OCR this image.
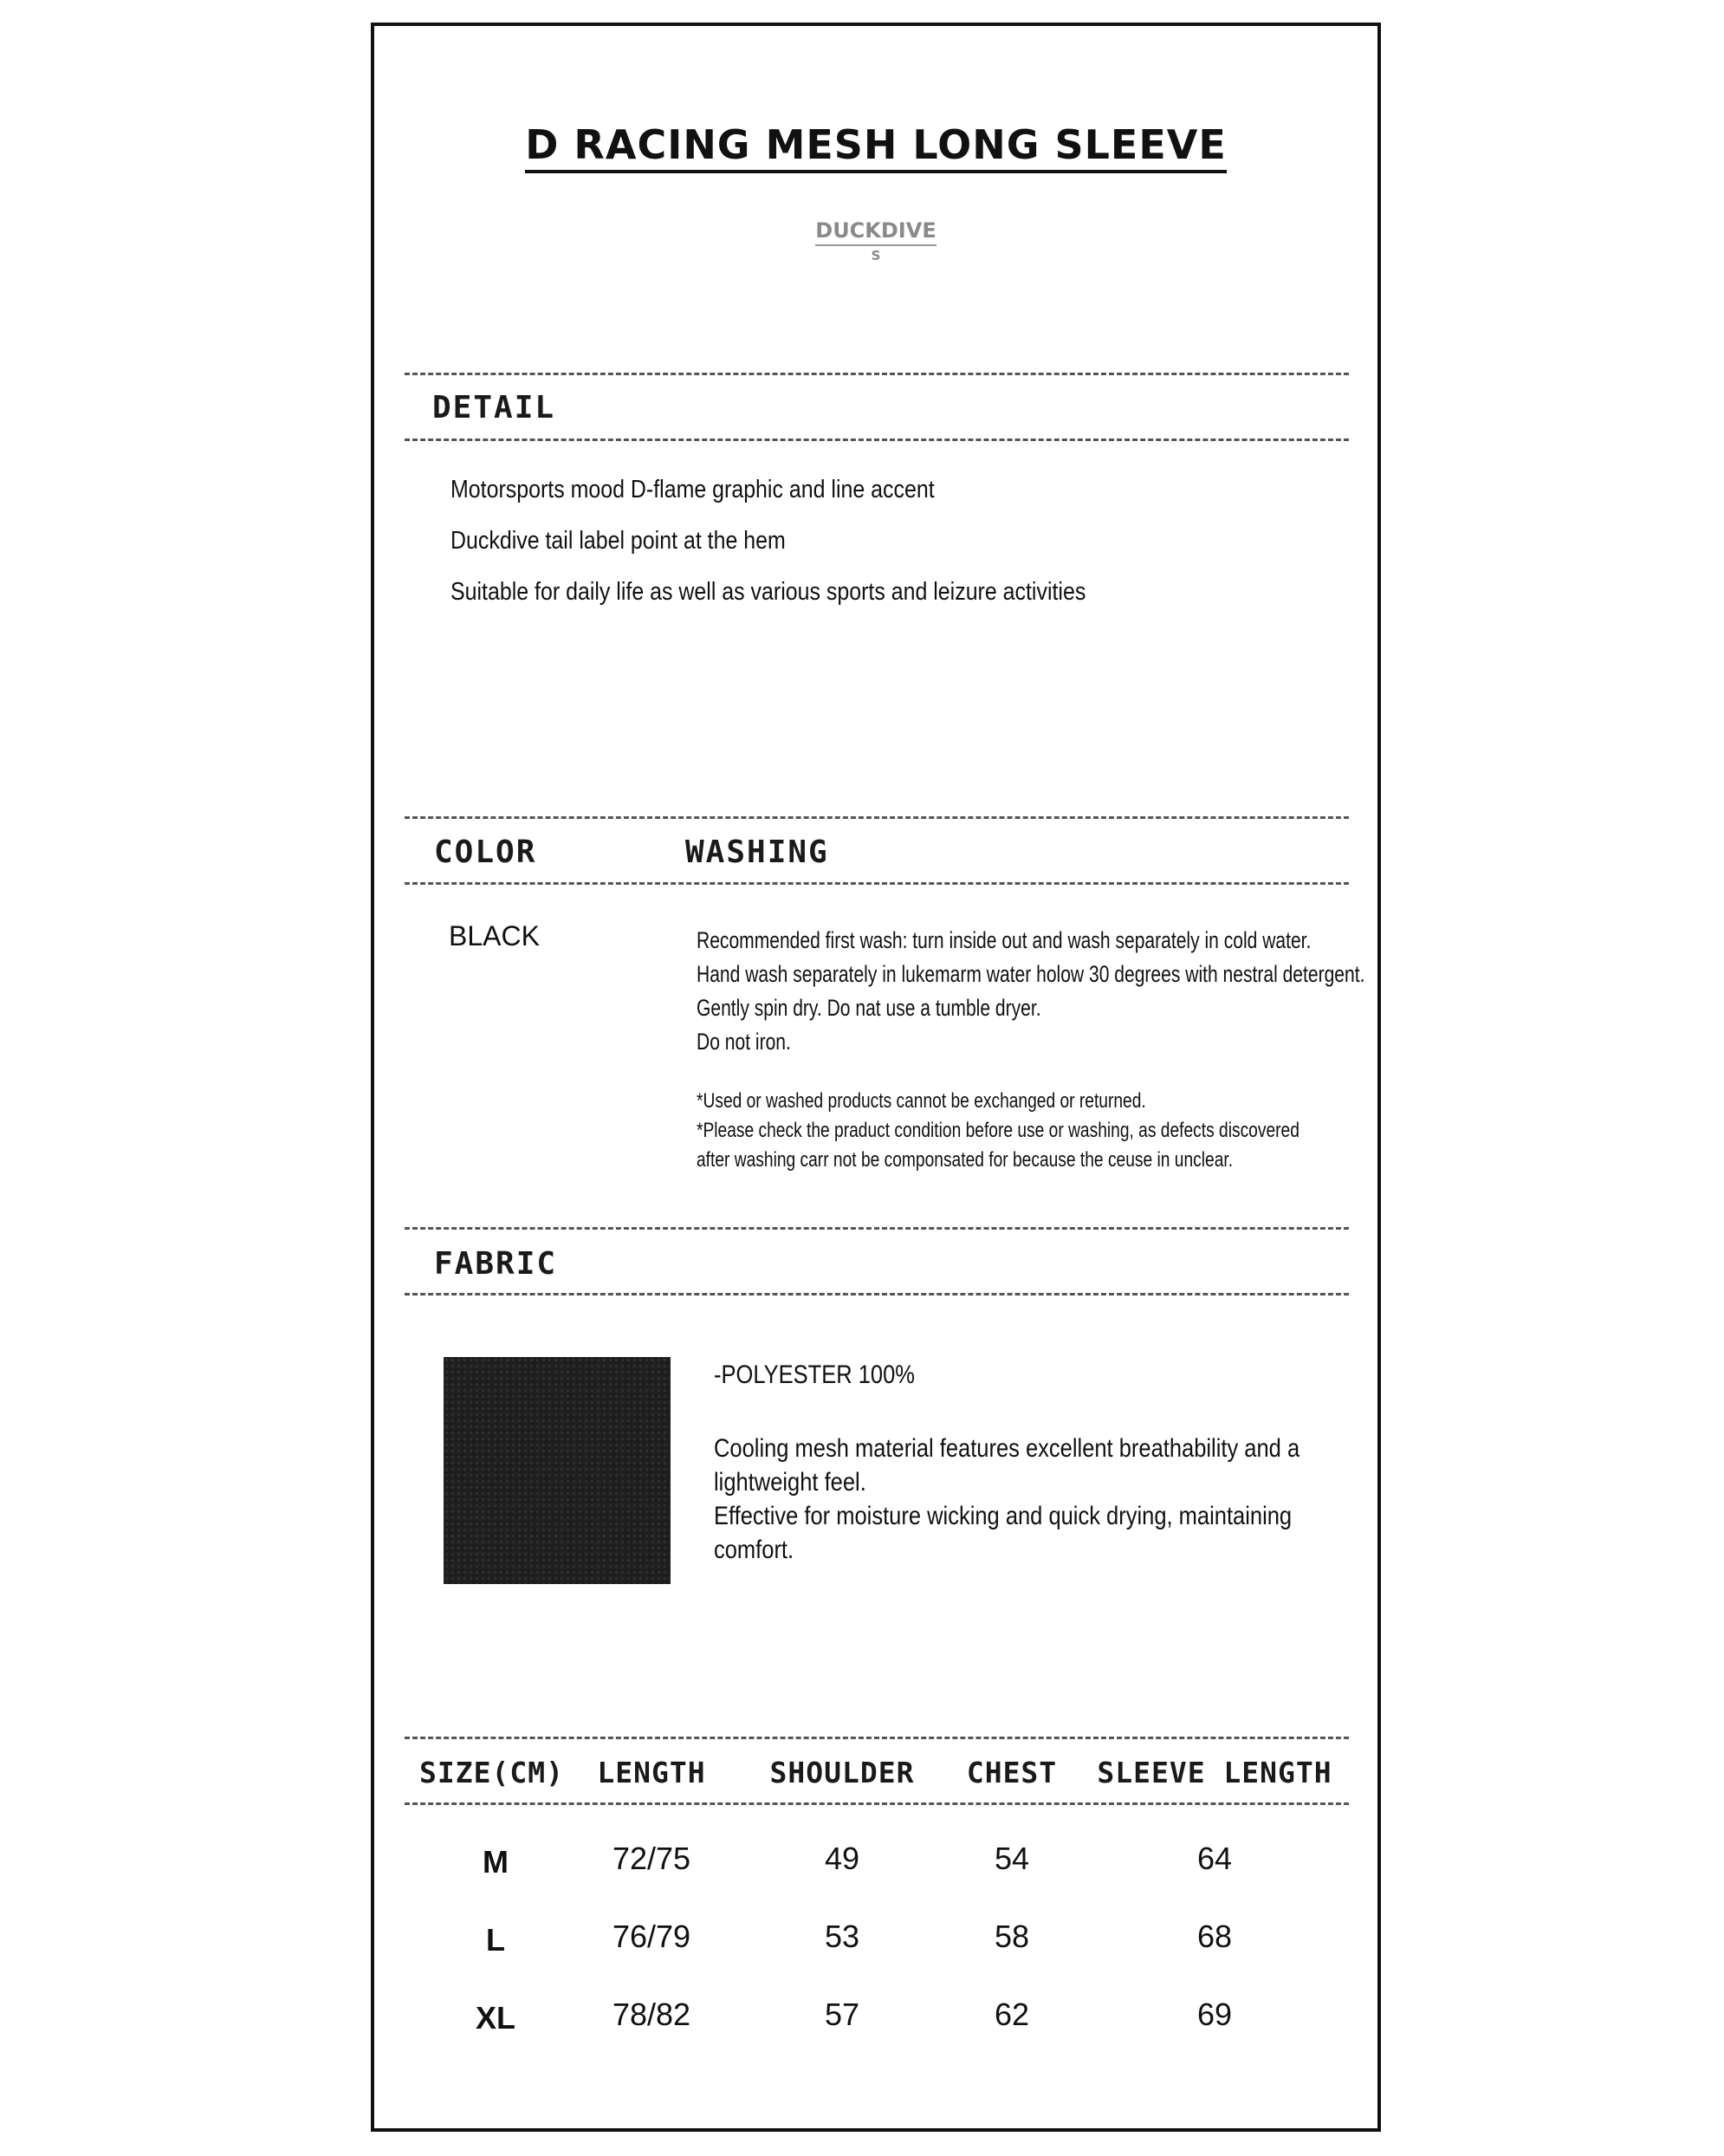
D RACING MESH LONG SLEEVE
DUCKDIVE
S
DETAIL
Motorsports mood D-flame graphic and line accent
Duckdive tail label point at the hem
Suitable for daily life as well as various sports and leizure activities
COLOR	WASHING
BLACK	Recommended first wash: turn inside out and wash separately in cold water.

Hand wash separately in lukemarm water holow 30 degrees with nestral detergent.

Gently spin dry. Do nat use a tumble dryer.

Do not iron.

*Used or washed products cannot be exchanged or returned.

*Please check the praduct condition before use or washing, as defects discovered

after washing carr not be componsated for because the ceuse in unclear.

FABRIC
-POLYESTER 100%
Cooling mesh material features excellent breathability and a
lightweight feel.
Effective for moisture wicking and quick drying, maintaining
comfort.
SIZE(CM)	LENGTH	SHOULDER	CHEST	SLEEVE LENGTH
M	72/75	49	54	64
L	76/79	53	58	68
XL	78/82	57	62	69
